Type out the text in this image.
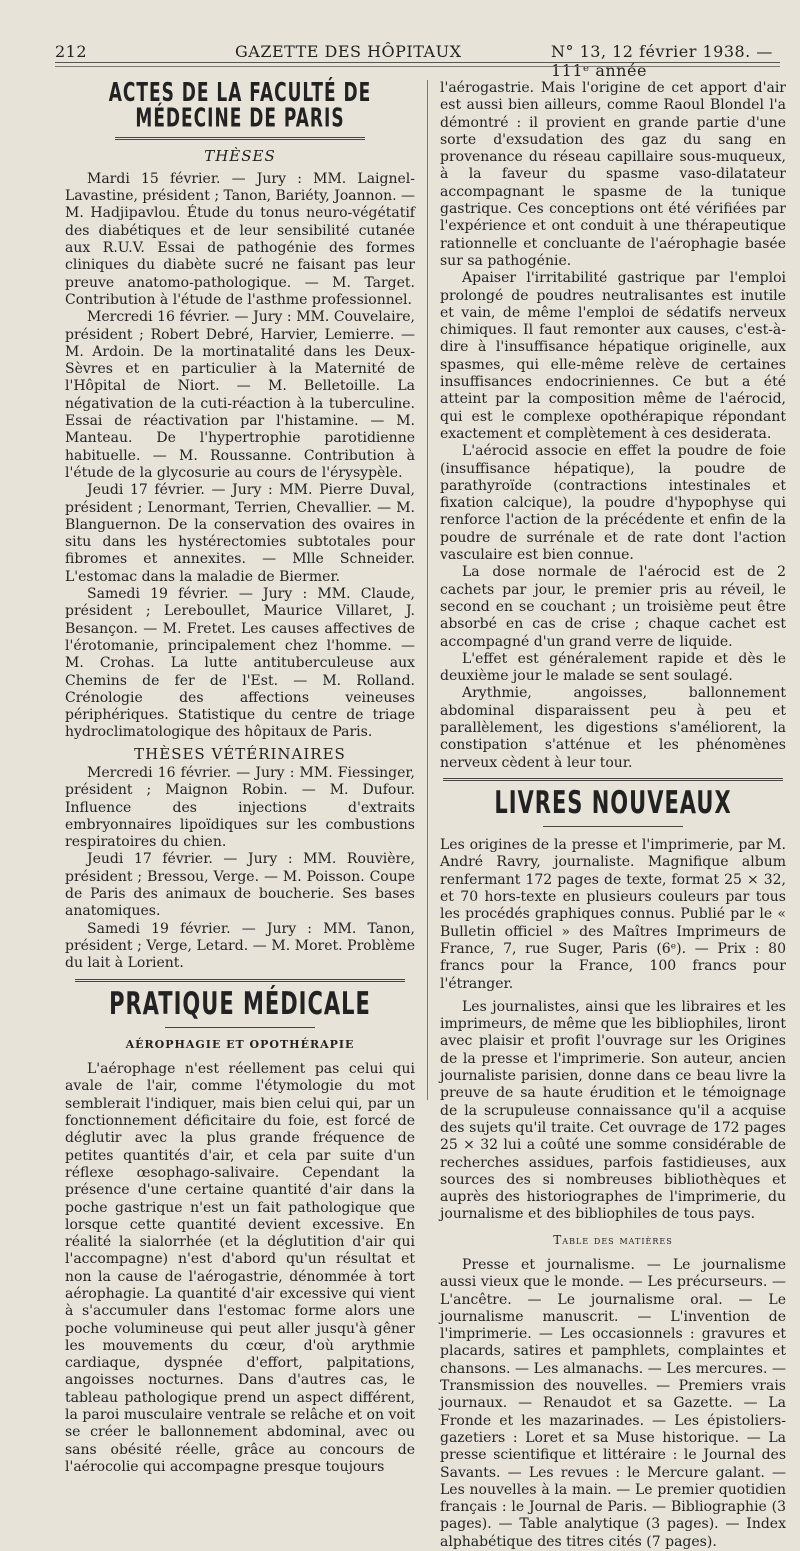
212	GAZETTE DES HÔPITAUX	N° 13, 12 février 1938. — 111ᵉ année
ACTES DE LA FACULTÉ DE MÉDECINE DE PARIS
THÈSES

Mardi 15 février. — Jury : MM. Laignel-Lavastine, président ; Tanon, Bariéty, Joannon. — M. Hadjipavlou. Étude du tonus neuro-végétatif des diabétiques et de leur sensibilité cutanée aux R.U.V. Essai de pathogénie des formes cliniques du diabète sucré ne faisant pas leur preuve anatomo-pathologique. — M. Target. Contribution à l'étude de l'asthme professionnel.

Mercredi 16 février. — Jury : MM. Couvelaire, président ; Robert Debré, Harvier, Lemierre. — M. Ardoin. De la mortinatalité dans les Deux-Sèvres et en particulier à la Maternité de l'Hôpital de Niort. — M. Belletoille. La négativation de la cuti-réaction à la tuberculine. Essai de réactivation par l'histamine. — M. Manteau. De l'hypertrophie parotidienne habituelle. — M. Roussanne. Contribution à l'étude de la glycosurie au cours de l'érysypèle.

Jeudi 17 février. — Jury : MM. Pierre Duval, président ; Lenormant, Terrien, Chevallier. — M. Blanguernon. De la conservation des ovaires in situ dans les hystérectomies subtotales pour fibromes et annexites. — Mlle Schneider. L'estomac dans la maladie de Biermer.

Samedi 19 février. — Jury : MM. Claude, président ; Lereboullet, Maurice Villaret, J. Besançon. — M. Fretet. Les causes affectives de l'érotomanie, principalement chez l'homme. — M. Crohas. La lutte antituberculeuse aux Chemins de fer de l'Est. — M. Rolland. Crénologie des affections veineuses périphériques. Statistique du centre de triage hydroclimatologique des hôpitaux de Paris.

THÈSES VÉTÉRINAIRES

Mercredi 16 février. — Jury : MM. Fiessinger, président ; Maignon Robin. — M. Dufour. Influence des injections d'extraits embryonnaires lipoïdiques sur les combustions respiratoires du chien.

Jeudi 17 février. — Jury : MM. Rouvière, président ; Bressou, Verge. — M. Poisson. Coupe de Paris des animaux de boucherie. Ses bases anatomiques.

Samedi 19 février. — Jury : MM. Tanon, président ; Verge, Letard. — M. Moret. Problème du lait à Lorient.

PRATIQUE MÉDICALE
AÉROPHAGIE ET OPOTHÉRAPIE

L'aérophage n'est réellement pas celui qui avale de l'air, comme l'étymologie du mot semblerait l'indiquer, mais bien celui qui, par un fonctionnement déficitaire du foie, est forcé de déglutir avec la plus grande fréquence de petites quantités d'air, et cela par suite d'un réflexe œsophago-salivaire. Cependant la présence d'une certaine quantité d'air dans la poche gastrique n'est un fait pathologique que lorsque cette quantité devient excessive. En réalité la sialorrhée (et la déglutition d'air qui l'accompagne) n'est d'abord qu'un résultat et non la cause de l'aérogastrie, dénommée à tort aérophagie. La quantité d'air excessive qui vient à s'accumuler dans l'estomac forme alors une poche volumineuse qui peut aller jusqu'à gêner les mouvements du cœur, d'où arythmie cardiaque, dyspnée d'effort, palpitations, angoisses nocturnes. Dans d'autres cas, le tableau pathologique prend un aspect différent, la paroi musculaire ventrale se relâche et on voit se créer le ballonnement abdominal, avec ou sans obésité réelle, grâce au concours de l'aérocolie qui accompagne presque toujours

l'aérogastrie. Mais l'origine de cet apport d'air est aussi bien ailleurs, comme Raoul Blondel l'a démontré : il provient en grande partie d'une sorte d'exsudation des gaz du sang en provenance du réseau capillaire sous-muqueux, à la faveur du spasme vaso-dilatateur accompagnant le spasme de la tunique gastrique. Ces conceptions ont été vérifiées par l'expérience et ont conduit à une thérapeutique rationnelle et concluante de l'aérophagie basée sur sa pathogénie.

Apaiser l'irritabilité gastrique par l'emploi prolongé de poudres neutralisantes est inutile et vain, de même l'emploi de sédatifs nerveux chimiques. Il faut remonter aux causes, c'est-à-dire à l'insuffisance hépatique originelle, aux spasmes, qui elle-même relève de certaines insuffisances endocriniennes. Ce but a été atteint par la composition même de l'aérocid, qui est le complexe opothérapique répondant exactement et complètement à ces desiderata.

L'aérocid associe en effet la poudre de foie (insuffisance hépatique), la poudre de parathyroïde (contractions intestinales et fixation calcique), la poudre d'hypophyse qui renforce l'action de la précédente et enfin de la poudre de surrénale et de rate dont l'action vasculaire est bien connue.

La dose normale de l'aérocid est de 2 cachets par jour, le premier pris au réveil, le second en se couchant ; un troisième peut être absorbé en cas de crise ; chaque cachet est accompagné d'un grand verre de liquide.

L'effet est généralement rapide et dès le deuxième jour le malade se sent soulagé.

Arythmie, angoisses, ballonnement abdominal disparaissent peu à peu et parallèlement, les digestions s'améliorent, la constipation s'atténue et les phénomènes nerveux cèdent à leur tour.

LIVRES NOUVEAUX

Les origines de la presse et l'imprimerie, par M. André Ravry, journaliste. Magnifique album renfermant 172 pages de texte, format 25 × 32, et 70 hors-texte en plusieurs couleurs par tous les procédés graphiques connus. Publié par le « Bulletin officiel » des Maîtres Imprimeurs de France, 7, rue Suger, Paris (6ᵉ). — Prix : 80 francs pour la France, 100 francs pour l'étranger.

Les journalistes, ainsi que les libraires et les imprimeurs, de même que les bibliophiles, liront avec plaisir et profit l'ouvrage sur les Origines de la presse et l'imprimerie. Son auteur, ancien journaliste parisien, donne dans ce beau livre la preuve de sa haute érudition et le témoignage de la scrupuleuse connaissance qu'il a acquise des sujets qu'il traite. Cet ouvrage de 172 pages 25 × 32 lui a coûté une somme considérable de recherches assidues, parfois fastidieuses, aux sources des si nombreuses bibliothèques et auprès des historiographes de l'imprimerie, du journalisme et des bibliophiles de tous pays.

Table des matières

Presse et journalisme. — Le journalisme aussi vieux que le monde. — Les précurseurs. — L'ancêtre. — Le journalisme oral. — Le journalisme manuscrit. — L'invention de l'imprimerie. — Les occasionnels : gravures et placards, satires et pamphlets, complaintes et chansons. — Les almanachs. — Les mercures. — Transmission des nouvelles. — Premiers vrais journaux. — Renaudot et sa Gazette. — La Fronde et les mazarinades. — Les épistoliers-gazetiers : Loret et sa Muse historique. — La presse scientifique et littéraire : le Journal des Savants. — Les revues : le Mercure galant. — Les nouvelles à la main. — Le premier quotidien français : le Journal de Paris. — Bibliographie (3 pages). — Table analytique (3 pages). — Index alphabétique des titres cités (7 pages).
